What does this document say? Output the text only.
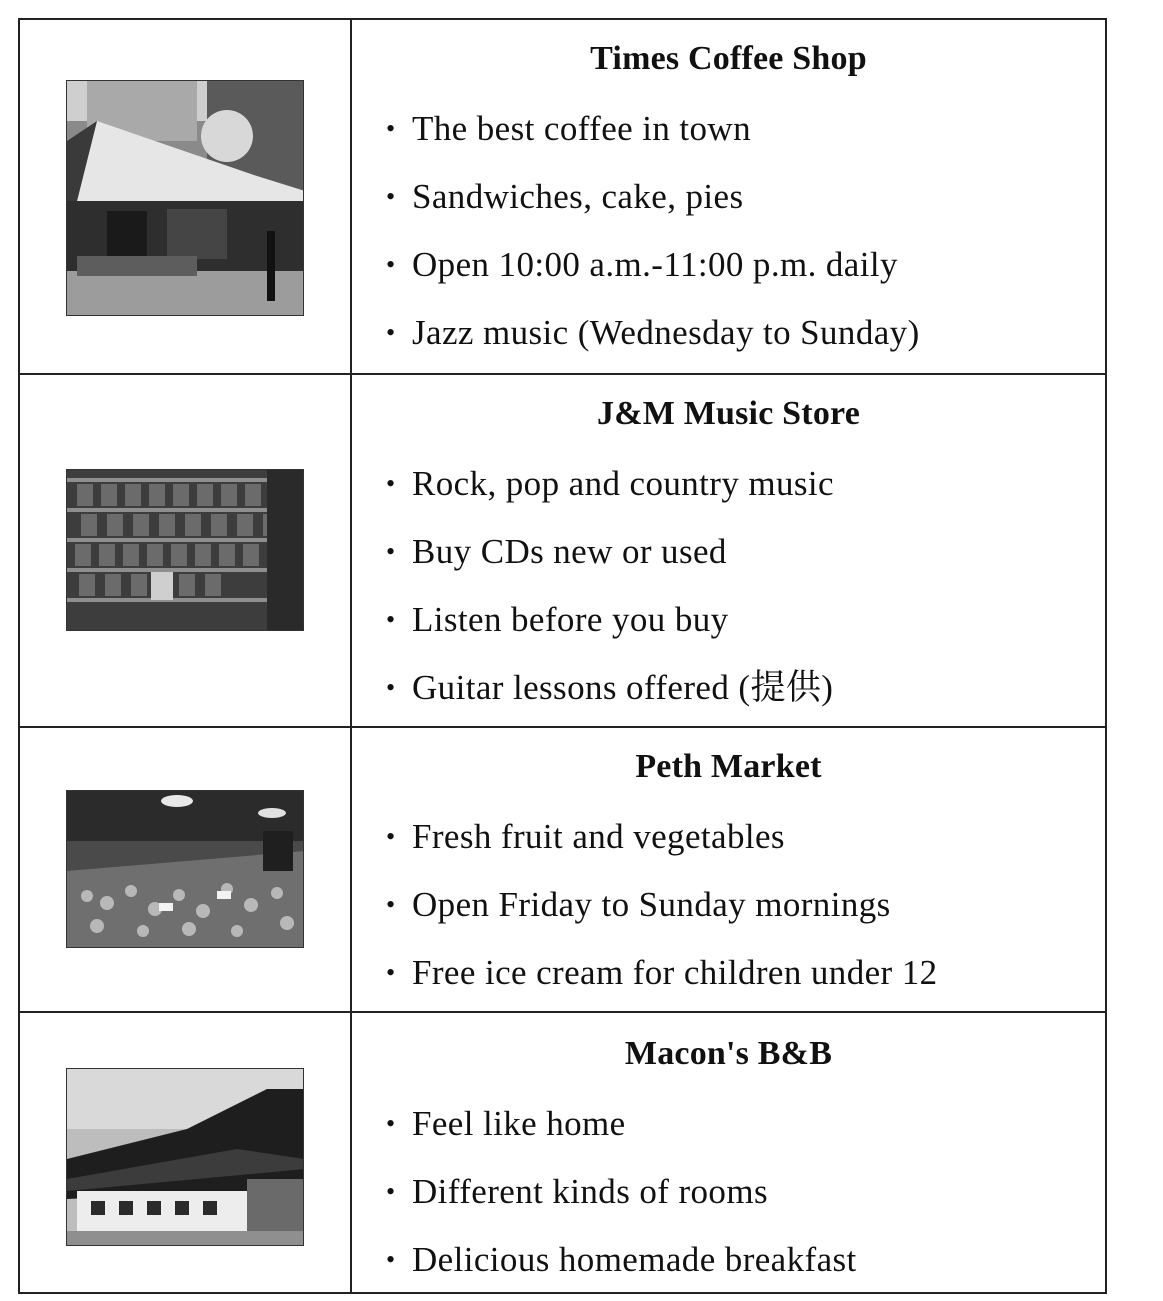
Times Coffee Shop
• The best coffee in town
• Sandwiches, cake, pies
• Open 10:00 a.m.-11:00 p.m. daily
• Jazz music (Wednesday to Sunday)
J&M Music Store
• Rock, pop and country music
• Buy CDs new or used
• Listen before you buy
• Guitar lessons offered (提供)
Peth Market
• Fresh fruit and vegetables
• Open Friday to Sunday mornings
• Free ice cream for children under 12
Macon's B&B
• Feel like home
• Different kinds of rooms
• Delicious homemade breakfast
